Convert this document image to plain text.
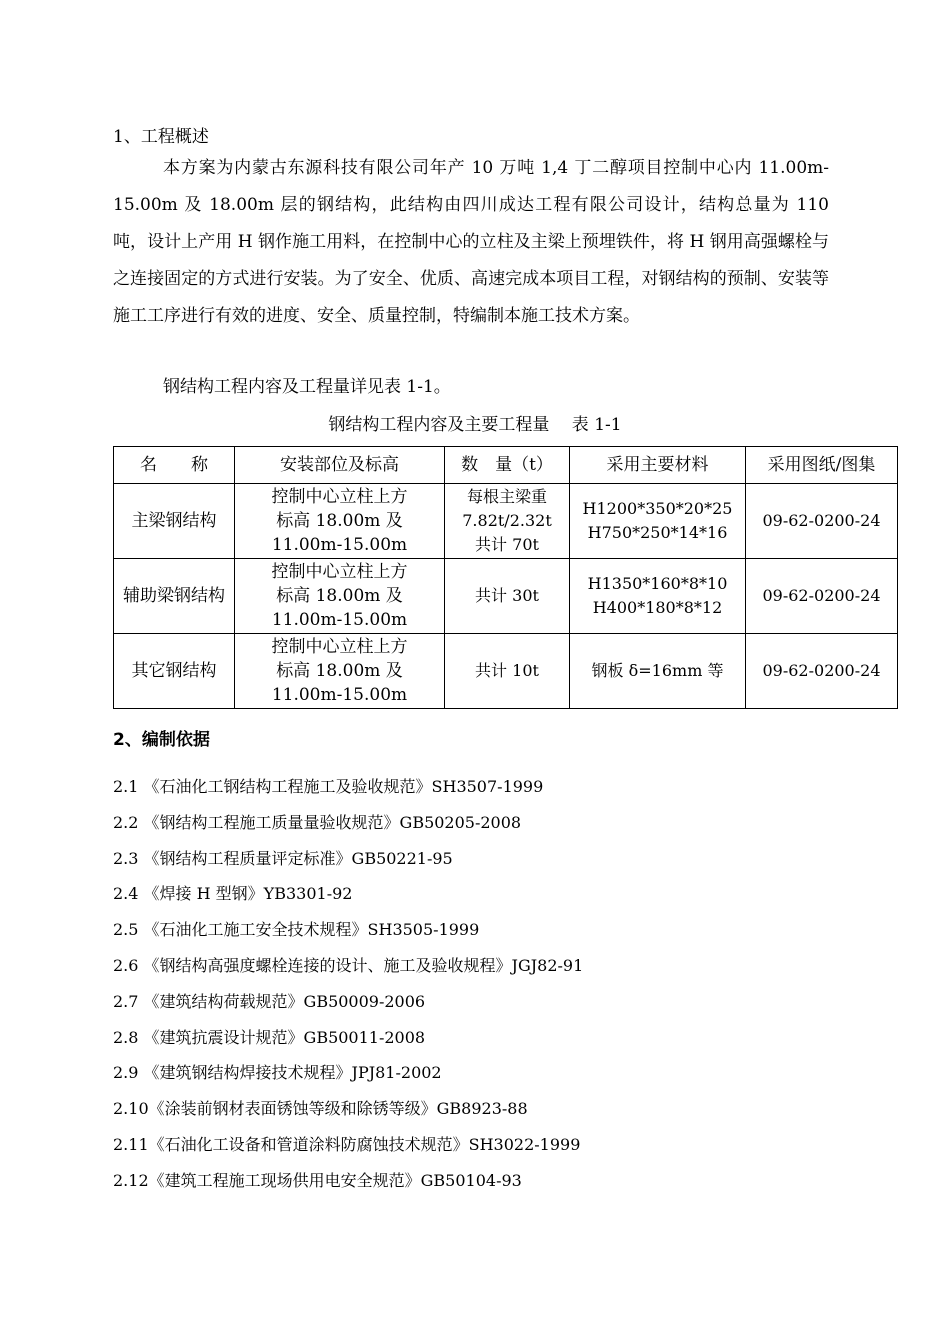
1、工程概述

本方案为内蒙古东源科技有限公司年产 10 万吨 1,4 丁二醇项目控制中心内 11.00m-15.00m 及 18.00m 层的钢结构，此结构由四川成达工程有限公司设计，结构总量为 110 吨，设计上产用 H 钢作施工用料，在控制中心的立柱及主梁上预埋铁件，将 H 钢用高强螺栓与之连接固定的方式进行安装。为了安全、优质、高速完成本项目工程，对钢结构的预制、安装等施工工序进行有效的进度、安全、质量控制，特编制本施工技术方案。

钢结构工程内容及工程量详见表 1-1。
钢结构工程内容及主要工程量　 表 1-1
名　　称	安装部位及标高	数　量（t）	采用主要材料	采用图纸/图集
主梁钢结构	控制中心立柱上方
标高 18.00m 及
11.00m-15.00m	每根主梁重
7.82t/2.32t
共计 70t	H1200*350*20*25
H750*250*14*16	09-62-0200-24
辅助梁钢结构	控制中心立柱上方
标高 18.00m 及
11.00m-15.00m	共计 30t	H1350*160*8*10
H400*180*8*12	09-62-0200-24
其它钢结构	控制中心立柱上方
标高 18.00m 及
11.00m-15.00m	共计 10t	钢板 δ=16mm 等	09-62-0200-24
2、编制依据
2.1 《石油化工钢结构工程施工及验收规范》SH3507-1999
2.2 《钢结构工程施工质量量验收规范》GB50205-2008
2.3 《钢结构工程质量评定标准》GB50221-95
2.4 《焊接 H 型钢》YB3301-92
2.5 《石油化工施工安全技术规程》SH3505-1999
2.6 《钢结构高强度螺栓连接的设计、施工及验收规程》JGJ82-91
2.7 《建筑结构荷载规范》GB50009-2006
2.8 《建筑抗震设计规范》GB50011-2008
2.9 《建筑钢结构焊接技术规程》JPJ81-2002
2.10《涂装前钢材表面锈蚀等级和除锈等级》GB8923-88
2.11《石油化工设备和管道涂料防腐蚀技术规范》SH3022-1999
2.12《建筑工程施工现场供用电安全规范》GB50104-93
